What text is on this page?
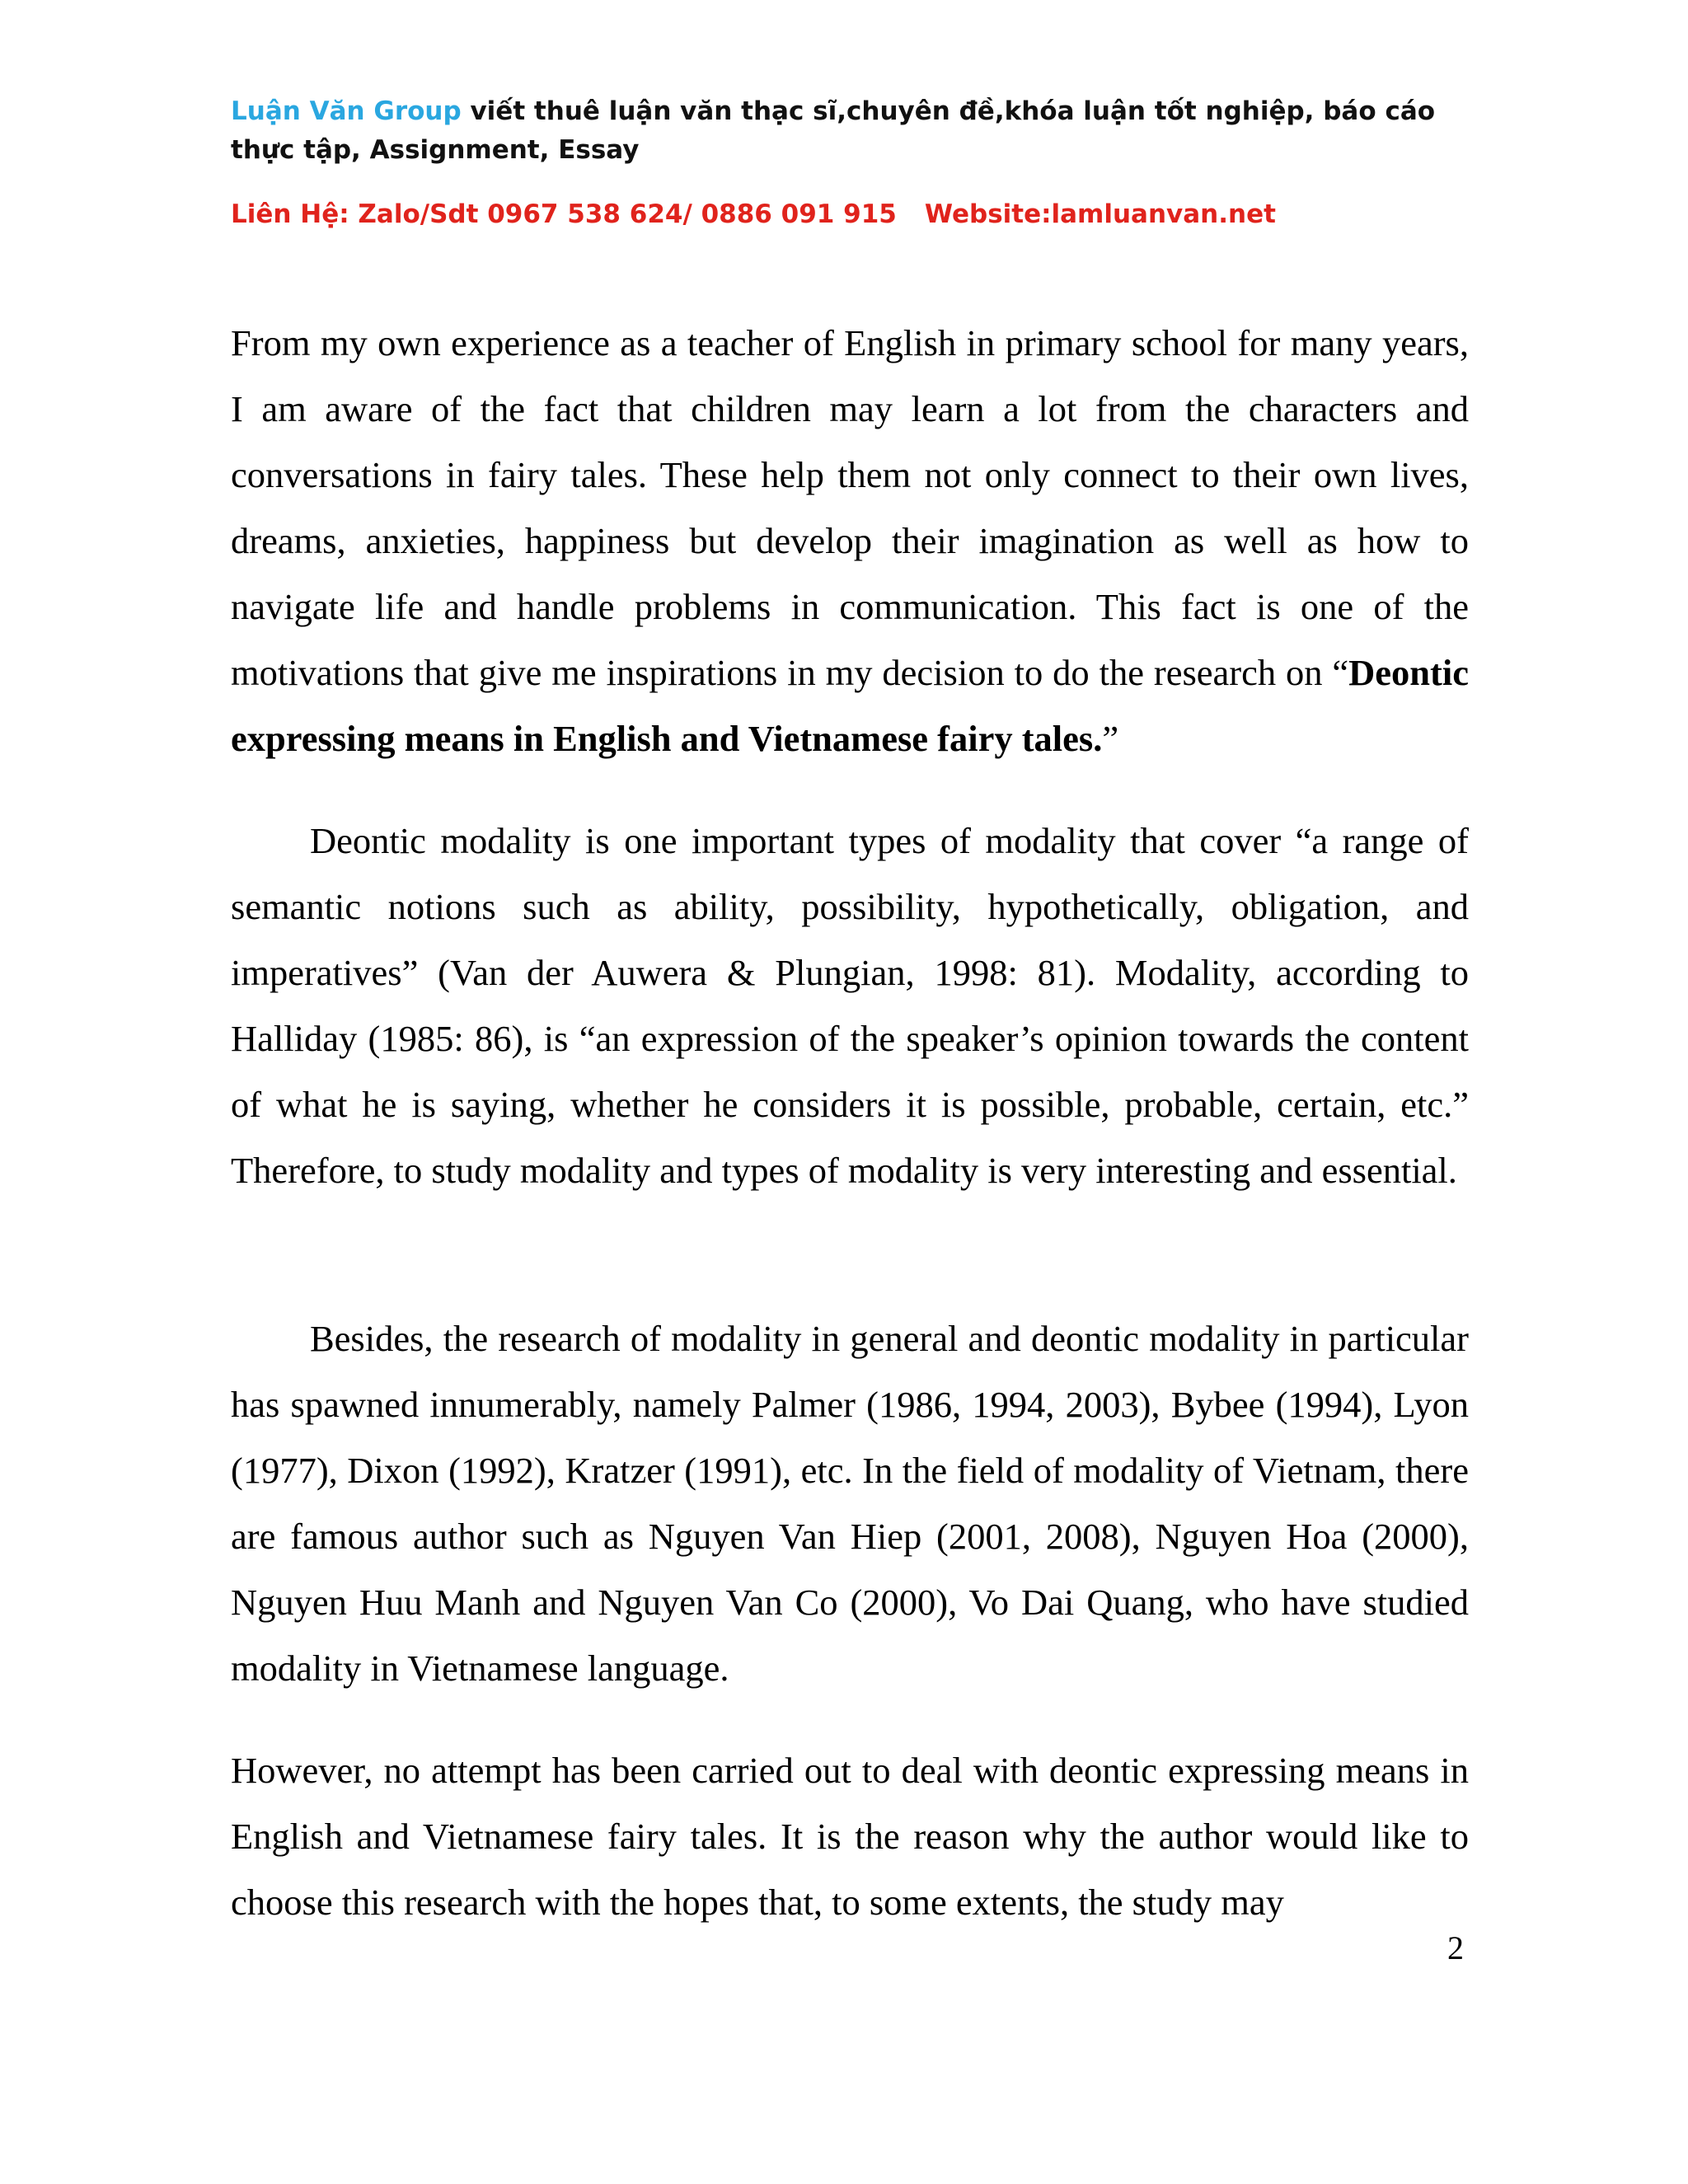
Luận Văn Group viết thuê luận văn thạc sĩ,chuyên đề,khóa luận tốt nghiệp, báo cáo thực tập, Assignment, Essay
Liên Hệ: Zalo/Sdt 0967 538 624/ 0886 091 915 Website:lamluanvan.net

From my own experience as a teacher of English in primary school for many years, I am aware of the fact that children may learn a lot from the characters and conversations in fairy tales. These help them not only connect to their own lives, dreams, anxieties, happiness but develop their imagination as well as how to navigate life and handle problems in communication. This fact is one of the motivations that give me inspirations in my decision to do the research on “Deontic expressing means in English and Vietnamese fairy tales.”

Deontic modality is one important types of modality that cover “a range of semantic notions such as ability, possibility, hypothetically, obligation, and imperatives” (Van der Auwera & Plungian, 1998: 81). Modality, according to Halliday (1985: 86), is “an expression of the speaker’s opinion towards the content of what he is saying, whether he considers it is possible, probable, certain, etc.” Therefore, to study modality and types of modality is very interesting and essential.

Besides, the research of modality in general and deontic modality in particular has spawned innumerably, namely Palmer (1986, 1994, 2003), Bybee (1994), Lyon (1977), Dixon (1992), Kratzer (1991), etc. In the field of modality of Vietnam, there are famous author such as Nguyen Van Hiep (2001, 2008), Nguyen Hoa (2000), Nguyen Huu Manh and Nguyen Van Co (2000), Vo Dai Quang, who have studied modality in Vietnamese language.

However, no attempt has been carried out to deal with deontic expressing means in English and Vietnamese fairy tales. It is the reason why the author would like to choose this research with the hopes that, to some extents, the study may

2
